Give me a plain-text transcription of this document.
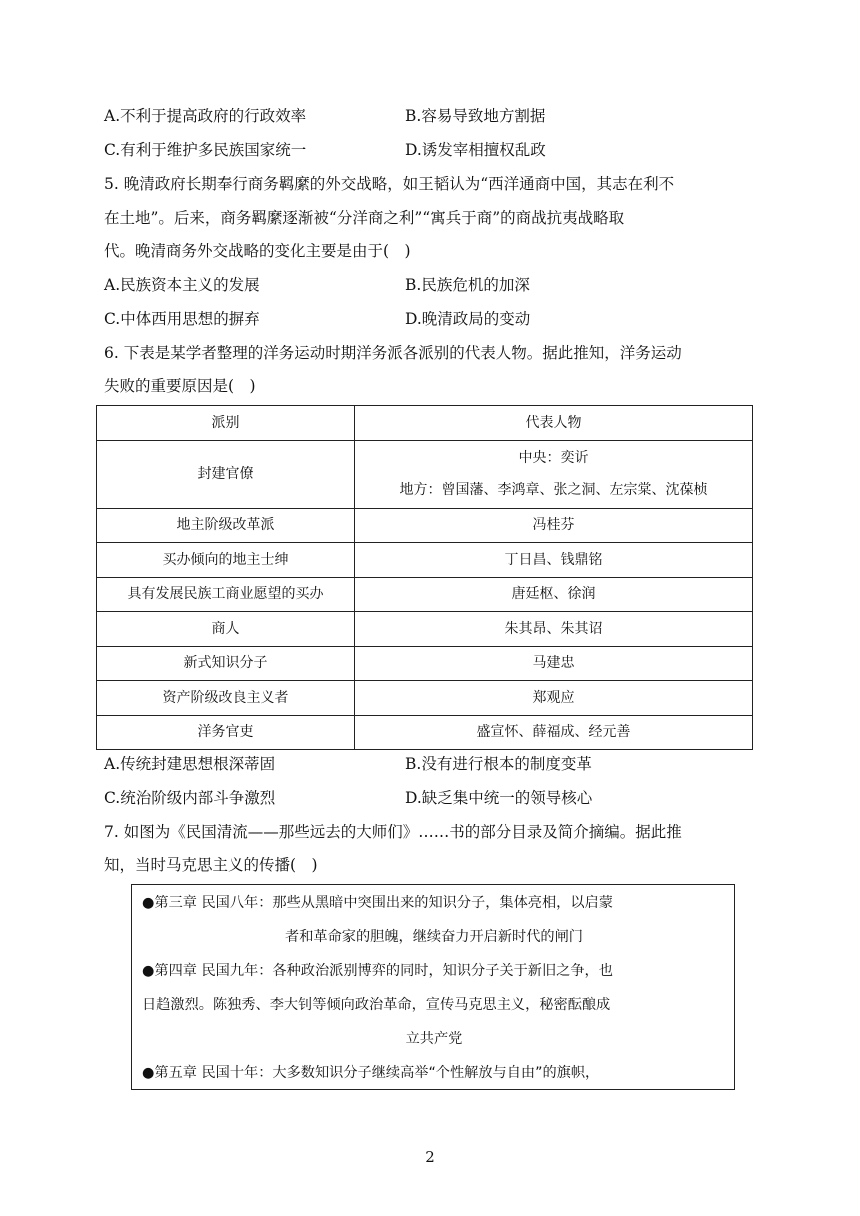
A.不利于提高政府的行政效率	B.容易导致地方割据
C.有利于维护多民族国家统一	D.诱发宰相擅权乱政
5. 晚清政府长期奉行商务羁縻的外交战略，如王韬认为“西洋通商中国，其志在利不
在土地”。后来，商务羁縻逐渐被“分洋商之利”“寓兵于商”的商战抗夷战略取
代。晚清商务外交战略的变化主要是由于(　)
A.民族资本主义的发展	B.民族危机的加深
C.中体西用思想的摒弃	D.晚清政局的变动
6. 下表是某学者整理的洋务运动时期洋务派各派别的代表人物。据此推知，洋务运动
失败的重要原因是(　)
派别	代表人物
封建官僚	中央：奕䜣
地方：曾国藩、李鸿章、张之洞、左宗棠、沈葆桢

地主阶级改革派	冯桂芬
买办倾向的地主士绅	丁日昌、钱鼎铭
具有发展民族工商业愿望的买办	唐廷枢、徐润
商人	朱其昂、朱其诏
新式知识分子	马建忠
资产阶级改良主义者	郑观应
洋务官吏	盛宣怀、薛福成、经元善
A.传统封建思想根深蒂固	B.没有进行根本的制度变革
C.统治阶级内部斗争激烈	D.缺乏集中统一的领导核心
7. 如图为《民国清流——那些远去的大师们》……书的部分目录及简介摘编。据此推
知，当时马克思主义的传播(　)

●第三章 民国八年：那些从黑暗中突围出来的知识分子，集体亮相，以启蒙

者和革命家的胆魄，继续奋力开启新时代的闸门

●第四章 民国九年：各种政治派别博弈的同时，知识分子关于新旧之争，也

日趋激烈。陈独秀、李大钊等倾向政治革命，宣传马克思主义，秘密酝酿成

立共产党

●第五章 民国十年：大多数知识分子继续高举“个性解放与自由”的旗帜，

2
